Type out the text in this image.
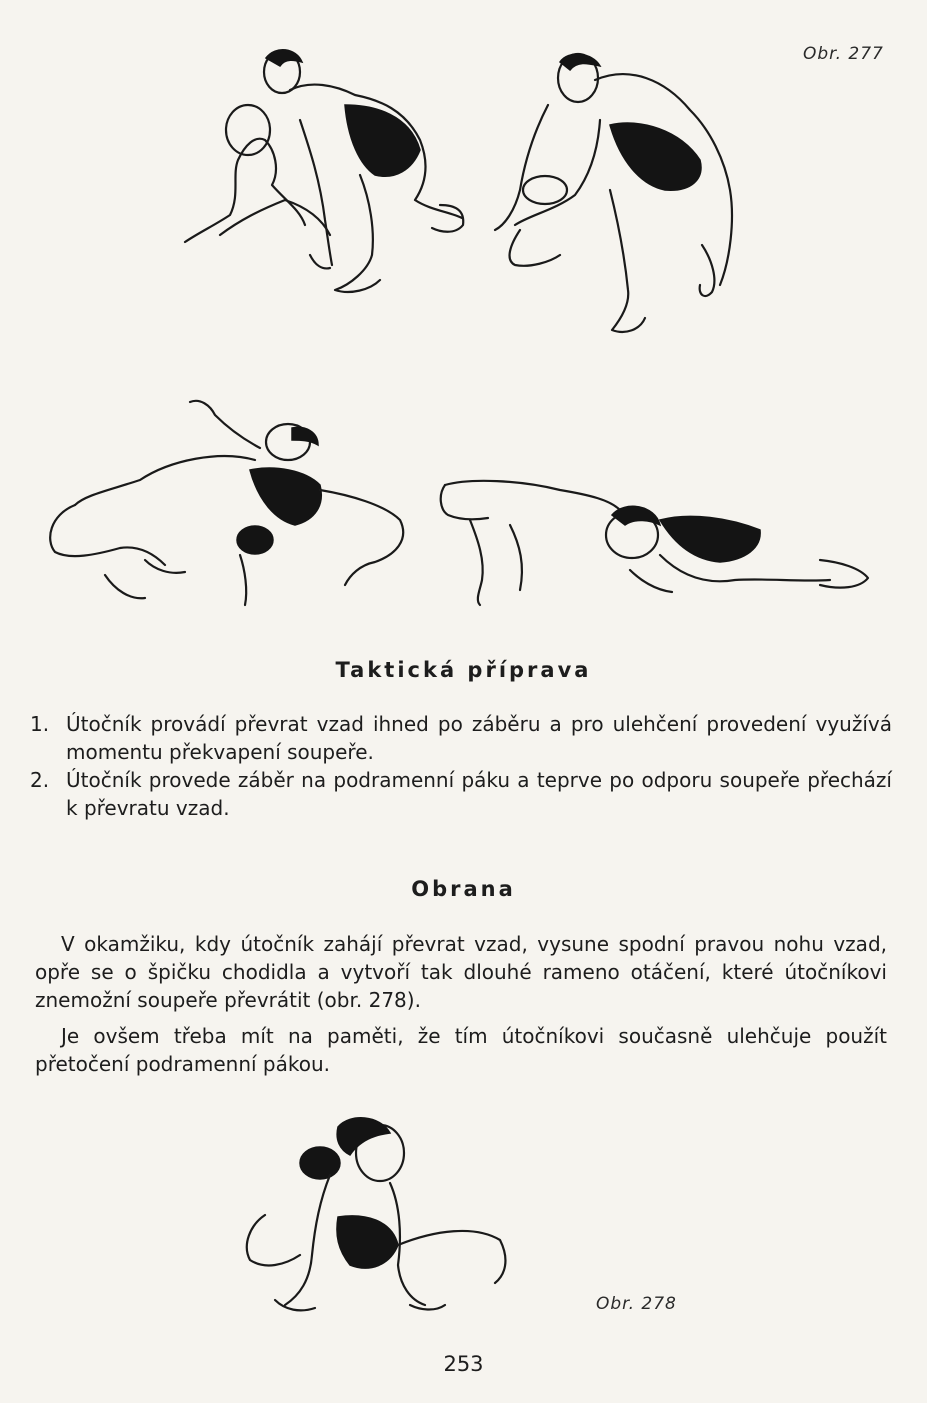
Obr. 277
Taktická příprava
1. Útočník provádí převrat vzad ihned po záběru a pro ulehčení provedení využívá momentu překvapení soupeře.
2. Útočník provede záběr na podramenní páku a teprve po odporu soupeře přechází k převratu vzad.
Obrana

V okamžiku, kdy útočník zahájí převrat vzad, vysune spodní pravou nohu vzad, opře se o špičku chodidla a vytvoří tak dlouhé rameno otáčení, které útočníkovi znemožní soupeře převrátit (obr. 278).

Je ovšem třeba mít na paměti, že tím útočníkovi současně ulehčuje použít přetočení podramenní pákou.

Obr. 278
253
